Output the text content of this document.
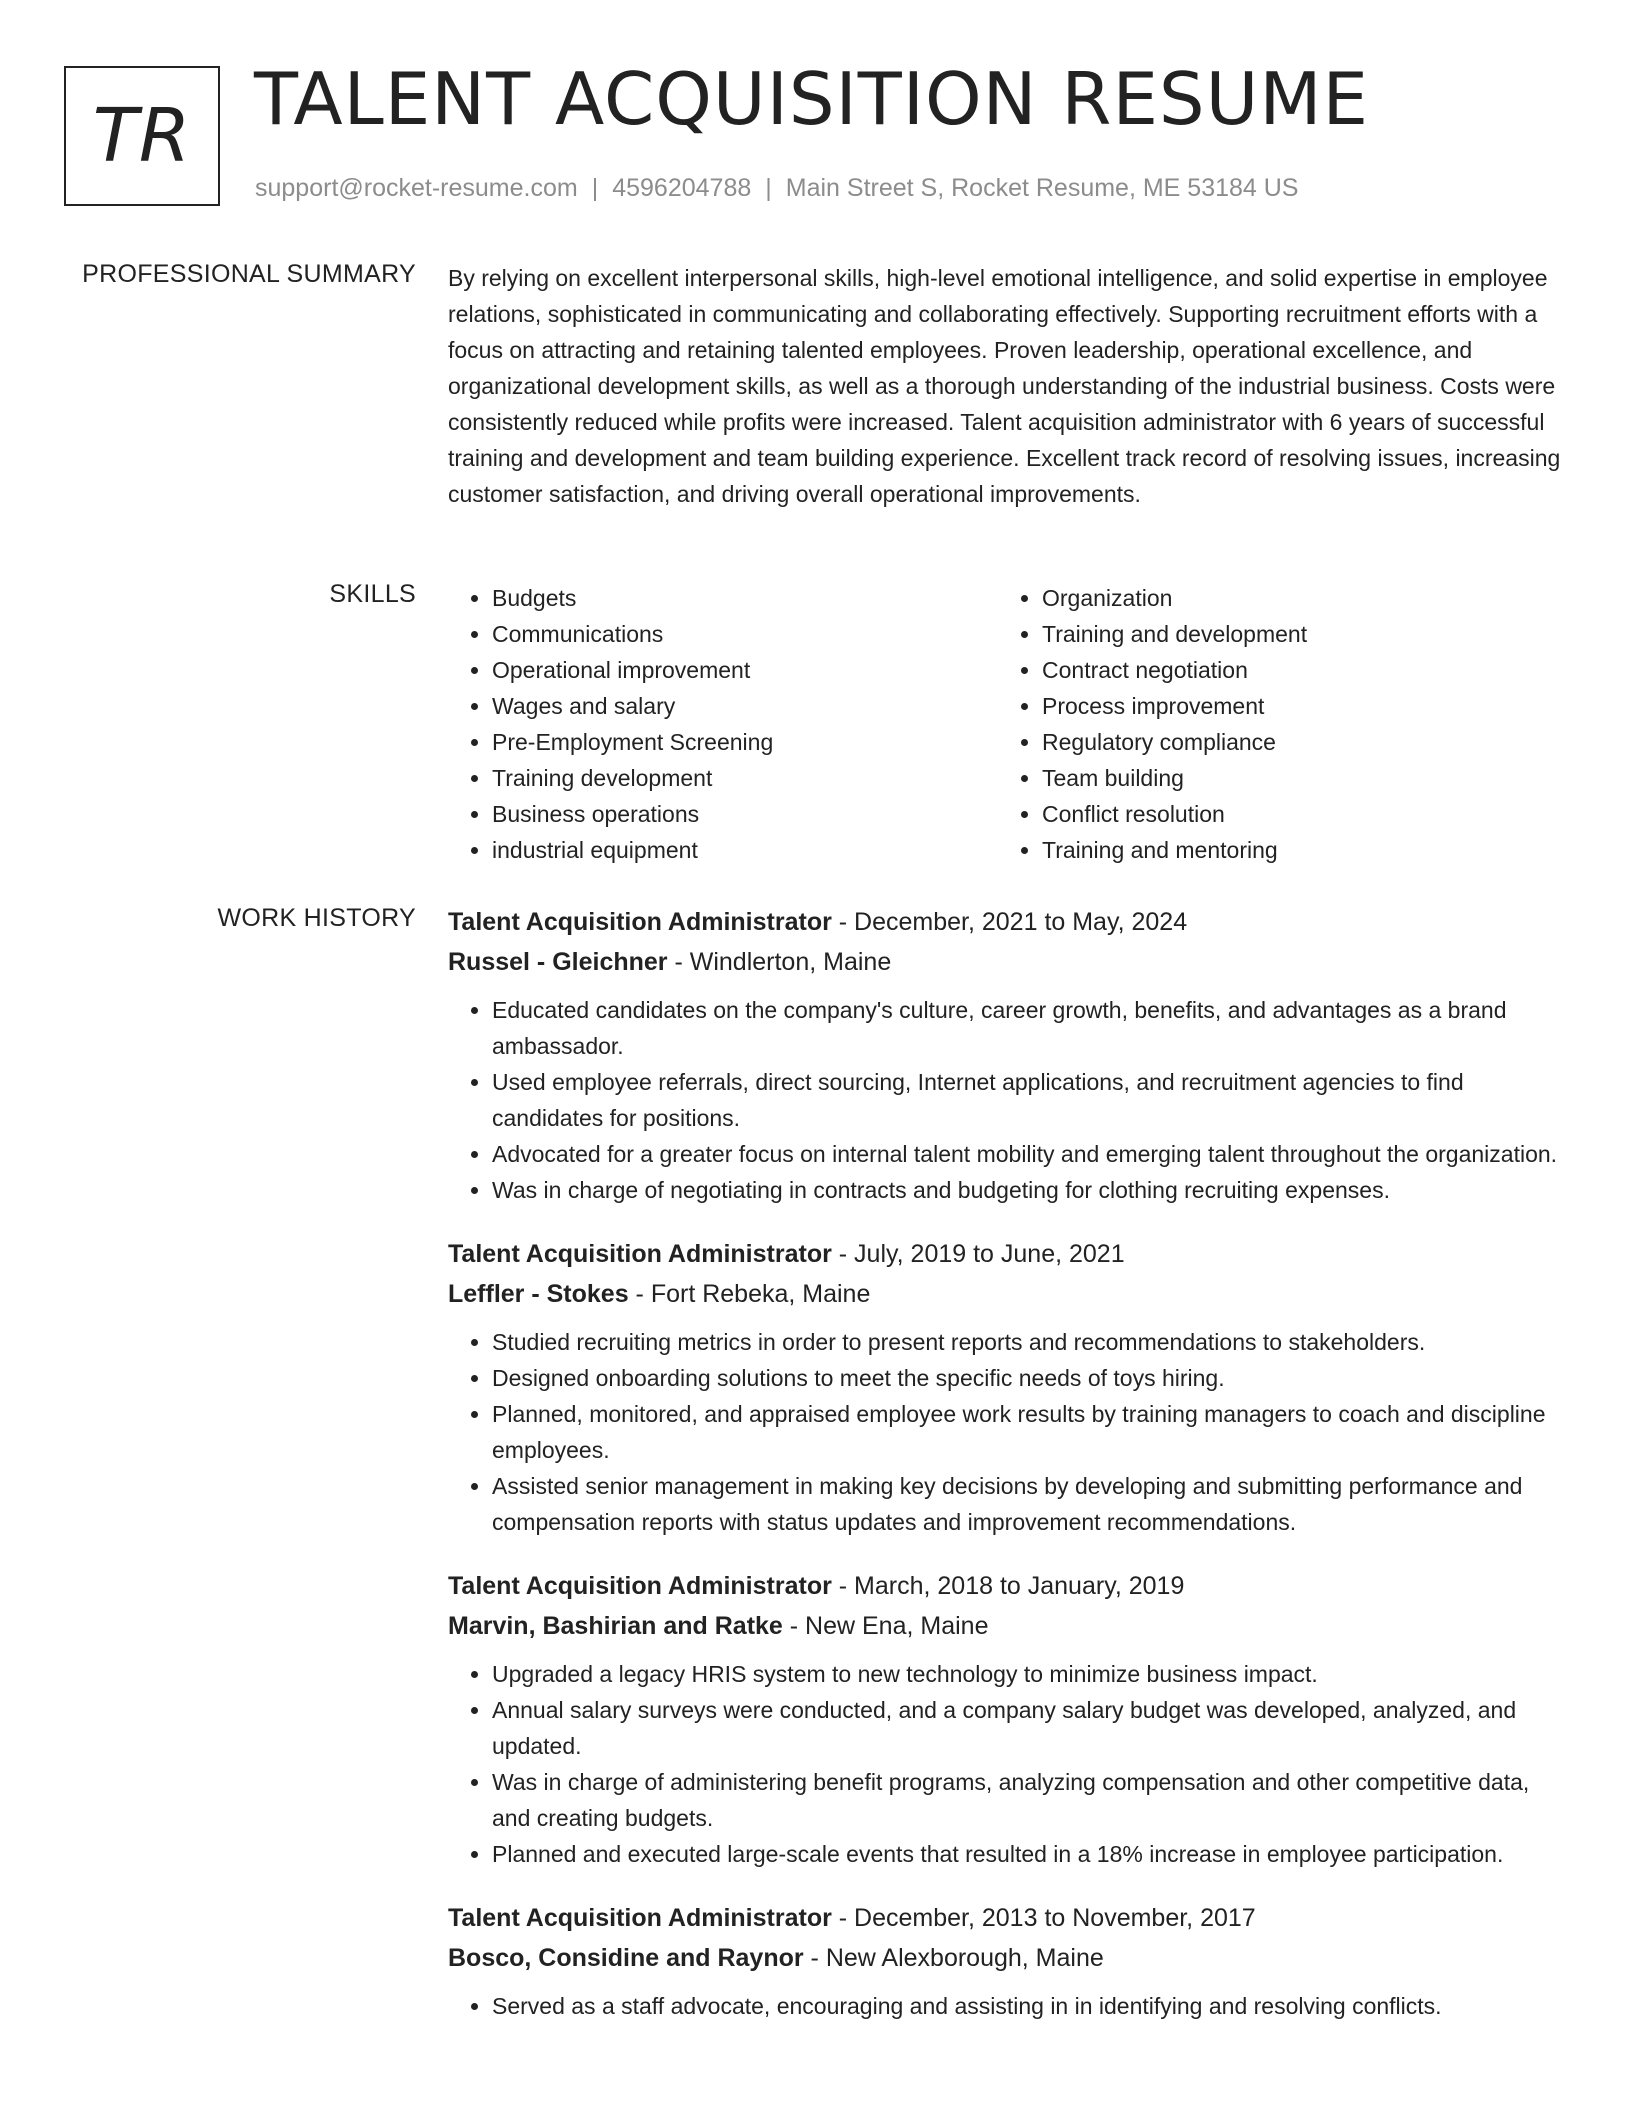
TR TALENT ACQUISITION RESUME
support@rocket-resume.com | 4596204788 | Main Street S, Rocket Resume, ME 53184 US
PROFESSIONAL SUMMARY By relying on excellent interpersonal skills, high-level emotional intelligence, and solid expertise in employee relations, sophisticated in communicating and collaborating effectively. Supporting recruitment efforts with a focus on attracting and retaining talented employees. Proven leadership, operational excellence, and organizational development skills, as well as a thorough understanding of the industrial business. Costs were consistently reduced while profits were increased. Talent acquisition administrator with 6 years of successful training and development and team building experience. Excellent track record of resolving issues, increasing customer satisfaction, and driving overall operational improvements.

SKILLS
•	Budgets
• Communications
• Operational improvement
• Wages and salary
• Pre-Employment Screening
• Training development
• Business operations
• industrial equipment
• Organization
• Training and development
• Contract negotiation
• Process improvement
• Regulatory compliance
• Team building
• Conflict resolution
• Training and mentoring
WORK HISTORY Talent Acquisition Administrator - December, 2021 to May, 2024
Russel - Gleichner - Windlerton, Maine
• Educated candidates on the company's culture, career growth, benefits, and advantages as a brand ambassador.
• Used employee referrals, direct sourcing, Internet applications, and recruitment agencies to find candidates for positions.
• Advocated for a greater focus on internal talent mobility and emerging talent throughout the organization.
• Was in charge of negotiating in contracts and budgeting for clothing recruiting expenses.
Talent Acquisition Administrator - July, 2019 to June, 2021
Leffler - Stokes - Fort Rebeka, Maine
• Studied recruiting metrics in order to present reports and recommendations to stakeholders.
• Designed onboarding solutions to meet the specific needs of toys hiring.
• Planned, monitored, and appraised employee work results by training managers to coach and discipline employees.
• Assisted senior management in making key decisions by developing and submitting performance and compensation reports with status updates and improvement recommendations.
Talent Acquisition Administrator - March, 2018 to January, 2019
Marvin, Bashirian and Ratke - New Ena, Maine
• Upgraded a legacy HRIS system to new technology to minimize business impact.
• Annual salary surveys were conducted, and a company salary budget was developed, analyzed, and updated.
• Was in charge of administering benefit programs, analyzing compensation and other competitive data, and creating budgets.
• Planned and executed large-scale events that resulted in a 18% increase in employee participation.
Talent Acquisition Administrator - December, 2013 to November, 2017
Bosco, Considine and Raynor - New Alexborough, Maine
• Served as a staff advocate, encouraging and assisting in in identifying and resolving conflicts.
